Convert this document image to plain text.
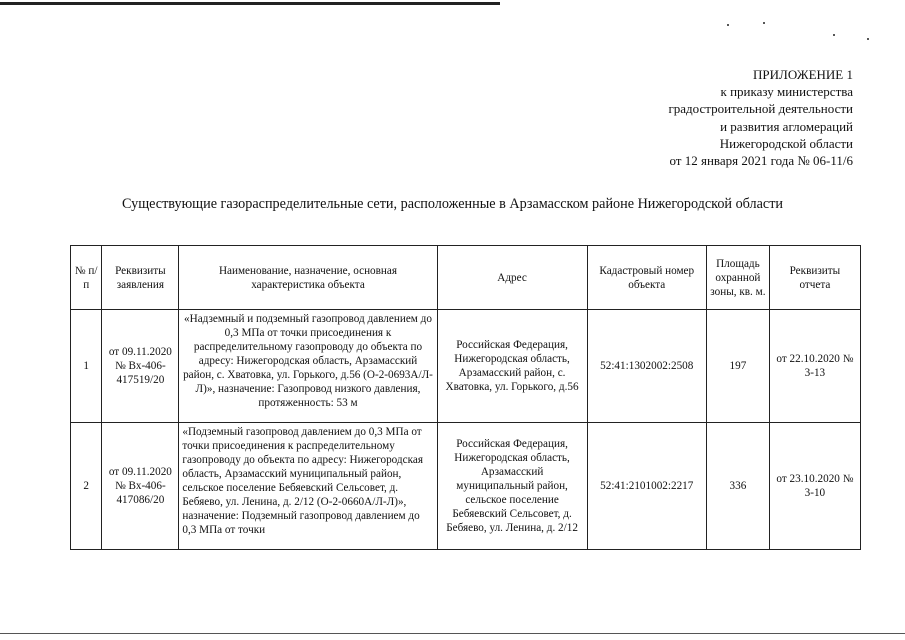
ПРИЛОЖЕНИЕ 1
к приказу министерства
градостроительной деятельности
и развития агломераций
Нижегородской области
от 12 января 2021 года № 06-11/6
Существующие газораспределительные сети, расположенные в Арзамасском районе Нижегородской области
№ п/п	Реквизиты заявления	Наименование, назначение, основная характеристика объекта	Адрес	Кадастровый номер объекта	Площадь охранной зоны, кв. м.	Реквизиты отчета
1	от 09.11.2020 № Вх-406-417519/20	«Надземный и подземный газопровод давлением до 0,3 МПа от точки присоединения к распределительному газопроводу до объекта по адресу: Нижегородская область, Арзамасский район, с. Хватовка, ул. Горького, д.56 (О-2-0693А/Л-Л)», назначение: Газопровод низкого давления, протяженность: 53 м	Российская Федерация, Нижегородская область, Арзамасский район, с. Хватовка, ул. Горького, д.56	52:41:1302002:2508	197	от 22.10.2020 № 3-13
2	от 09.11.2020 № Вх-406-417086/20	«Подземный газопровод давлением до 0,3 МПа от точки присоединения к распределительному газопроводу до объекта по адресу: Нижегородская область, Арзамасский муниципальный район, сельское поселение Бебяевский Сельсовет, д. Бебяево, ул. Ленина, д. 2/12 (О-2-0660А/Л-Л)», назначение: Подземный газопровод давлением до 0,3 МПа от точки	Российская Федерация, Нижегородская область, Арзамасский муниципальный район, сельское поселение Бебяевский Сельсовет, д. Бебяево, ул. Ленина, д. 2/12	52:41:2101002:2217	336	от 23.10.2020 № 3-10
